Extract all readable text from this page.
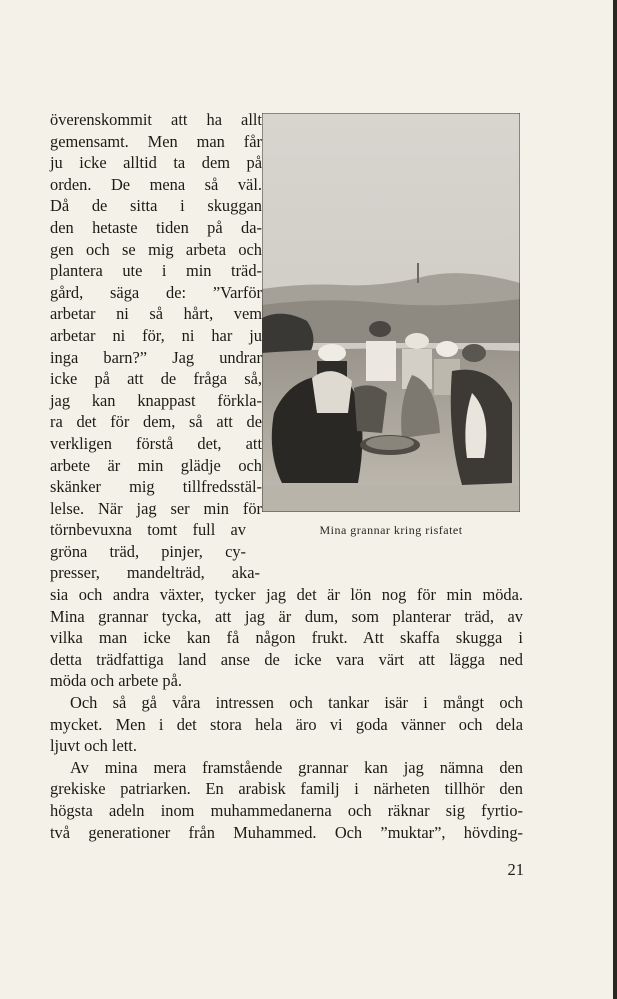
överenskommit att ha allt
gemensamt. Men man får
ju icke alltid ta dem på
orden. De mena så väl.
Då de sitta i skuggan
den hetaste tiden på da-
gen och se mig arbeta och
plantera ute i min träd-
gård, säga de: ”Varför
arbetar ni så hårt, vem
arbetar ni för, ni har ju
inga barn?” Jag undrar
icke på att de fråga så,
jag kan knappast förkla-
ra det för dem, så att de
verkligen förstå det, att
arbete är min glädje och
skänker mig tillfredsstäl-
lelse. När jag ser min för
törnbevuxna tomt full av
gröna träd, pinjer, cy-
presser, mandelträd, aka-
Mina grannar kring risfatet
sia och andra växter, tycker jag det är lön nog för min möda.
Mina grannar tycka, att jag är dum, som planterar träd, av
vilka man icke kan få någon frukt. Att skaffa skugga i
detta trädfattiga land anse de icke vara värt att lägga ned
möda och arbete på.
Och så gå våra intressen och tankar isär i mångt och
mycket. Men i det stora hela äro vi goda vänner och dela
ljuvt och lett.
Av mina mera framstående grannar kan jag nämna den
grekiske patriarken. En arabisk familj i närheten tillhör den
högsta adeln inom muhammedanerna och räknar sig fyrtio-
två generationer från Muhammed. Och ”muktar”, hövding-
21
